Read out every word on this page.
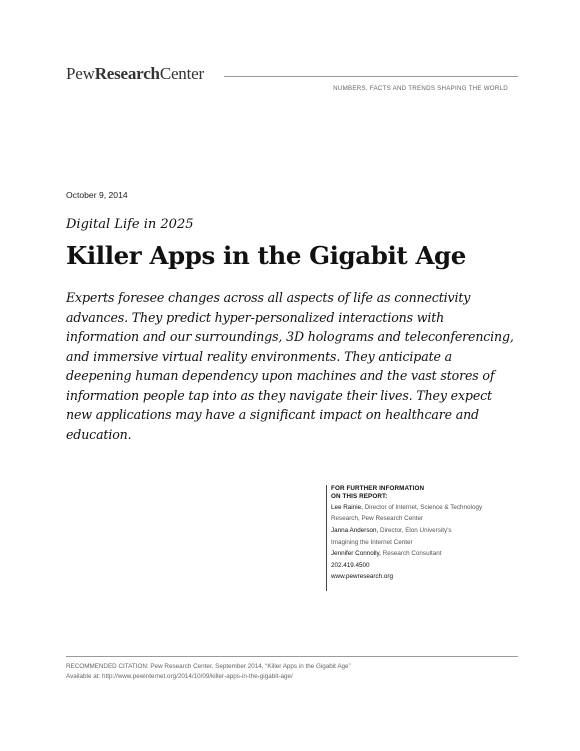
PewResearchCenter
NUMBERS, FACTS AND TRENDS SHAPING THE WORLD
October 9, 2014
Digital Life in 2025
Killer Apps in the Gigabit Age

Experts foresee changes across all aspects of life as connectivity advances. They predict hyper-personalized interactions with information and our surroundings, 3D holograms and teleconferencing, and immersive virtual reality environments. They anticipate a deepening human dependency upon machines and the vast stores of information people tap into as they navigate their lives. They expect new applications may have a significant impact on healthcare and education.

FOR FURTHER INFORMATION
ON THIS REPORT:
Lee Rainie, Director of Internet, Science & Technology
Research, Pew Research Center
Janna Anderson, Director, Elon University's
Imagining the Internet Center
Jennifer Connolly, Research Consultant
202.419.4500
www.pewresearch.org
RECOMMENDED CITATION: Pew Research Center, September 2014, “Killer Apps in the Gigabit Age”
Available at: http://www.pewinternet.org/2014/10/09/killer-apps-in-the-gigabit-age/
